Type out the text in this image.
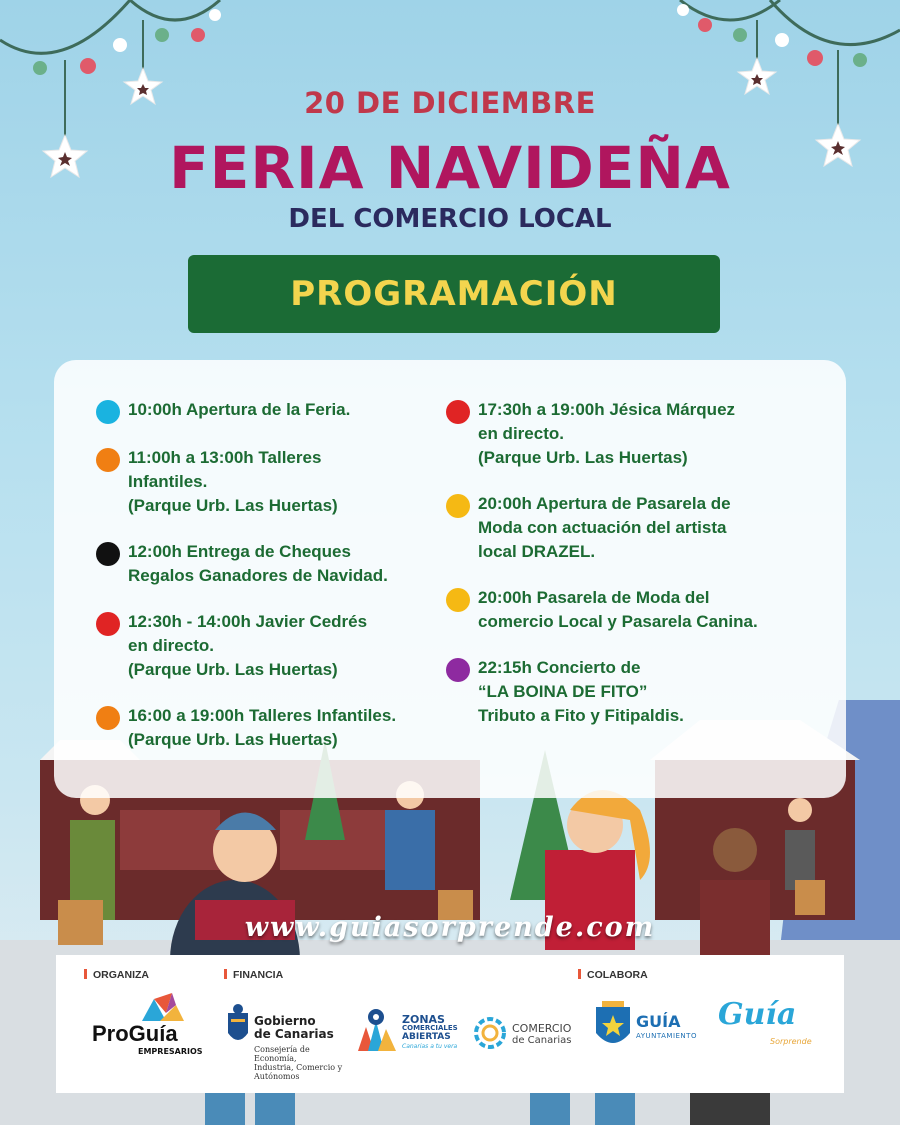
20 DE DICIEMBRE
FERIA NAVIDEÑA
DEL COMERCIO LOCAL
PROGRAMACIÓN
10:00h Apertura de la Feria.
11:00h a 13:00h Talleres
Infantiles.
(Parque Urb. Las Huertas)
12:00h Entrega de Cheques
Regalos Ganadores de Navidad.
12:30h - 14:00h Javier Cedrés
en directo.
(Parque Urb. Las Huertas)
16:00 a 19:00h Talleres Infantiles.
(Parque Urb. Las Huertas)
17:30h a 19:00h Jésica Márquez
en directo.
(Parque Urb. Las Huertas)
20:00h Apertura de Pasarela de
Moda con actuación del artista
local DRAZEL.
20:00h Pasarela de Moda del
comercio Local y Pasarela Canina.
22:15h Concierto de
“LA BOINA DE FITO”
Tributo a Fito y Fitipaldis.
www.guiasorprende.com
ORGANIZA	FINANCIA	COLABORA
ProGuía
EMPRESARIOS
Gobierno
de Canarias
Consejería de Economía,
Industria, Comercio y
Autónomos
ZONAS
COMERCIALES
ABIERTAS
Canarias a tu vera
COMERCIO
de Canarias
GUÍA
AYUNTAMIENTO
Guía
Sorprende
